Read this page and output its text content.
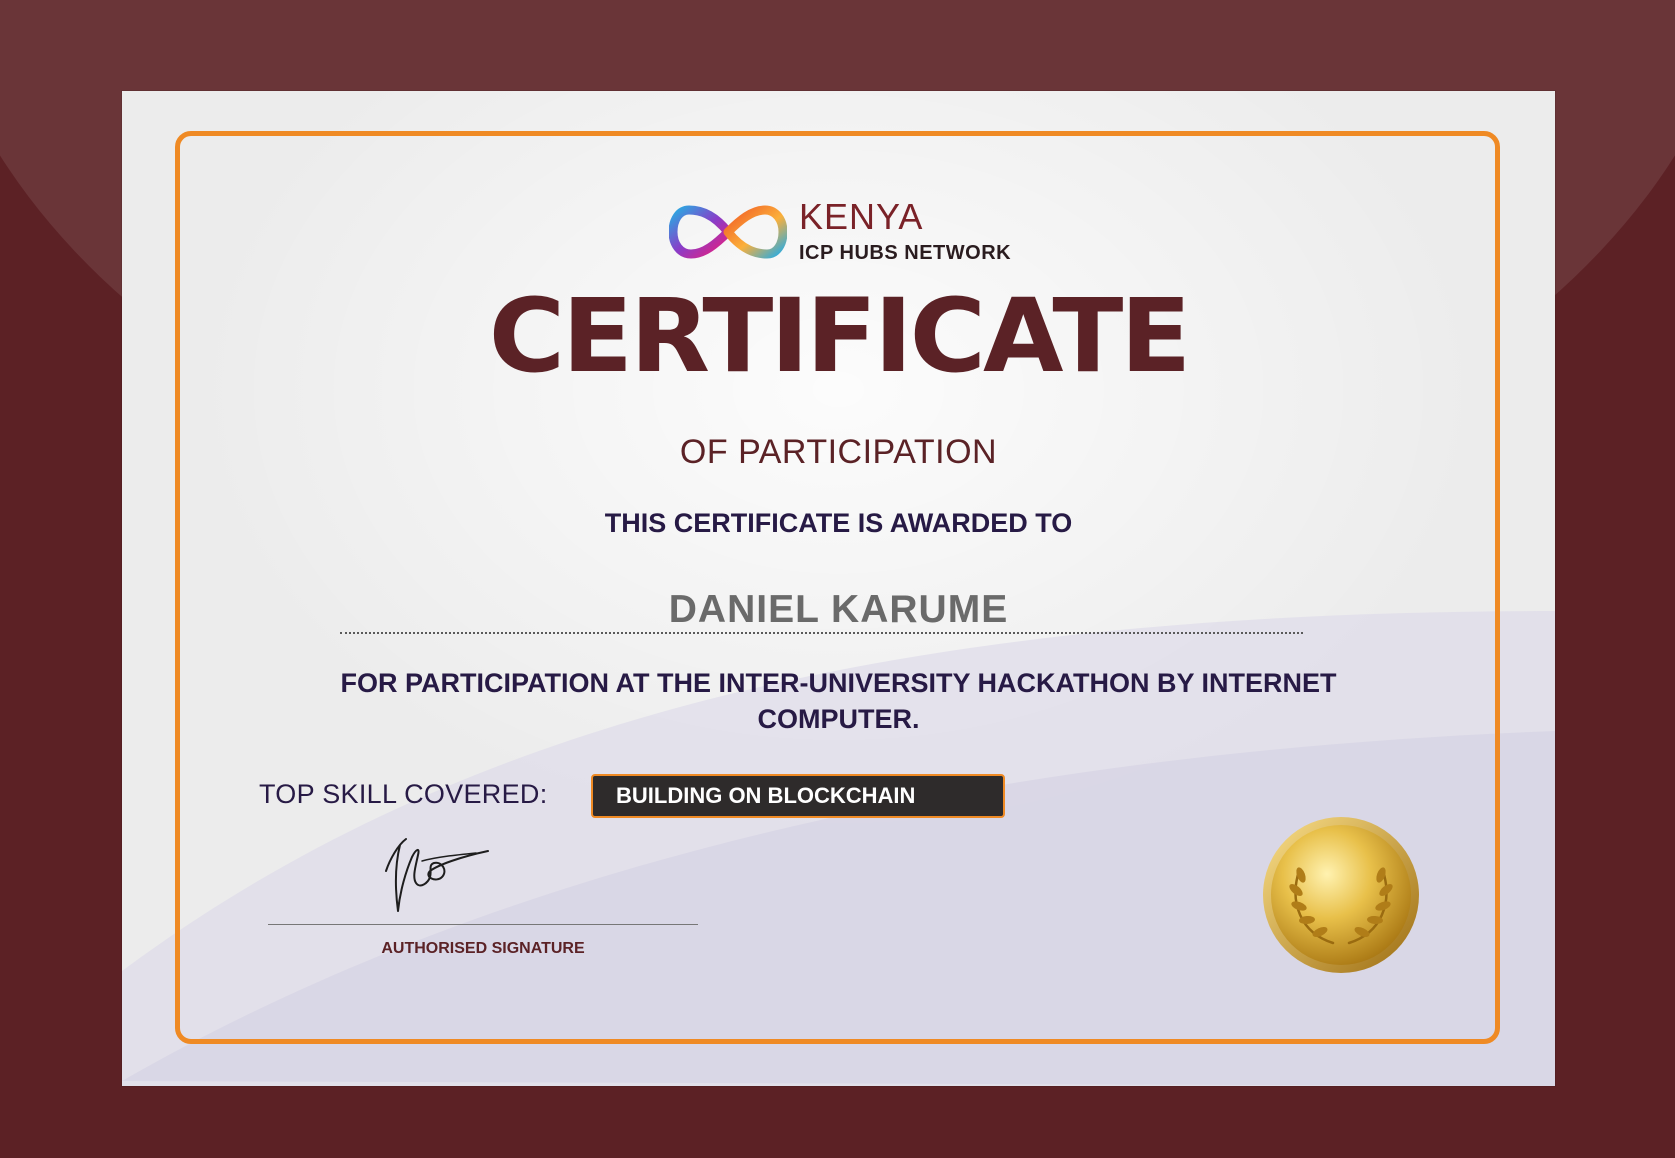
KENYA
ICP HUBS NETWORK
CERTIFICATE
OF PARTICIPATION
THIS CERTIFICATE IS AWARDED TO
DANIEL KARUME
FOR PARTICIPATION AT THE INTER-UNIVERSITY HACKATHON BY INTERNET COMPUTER.
TOP SKILL COVERED:	BUILDING ON BLOCKCHAIN
AUTHORISED SIGNATURE
